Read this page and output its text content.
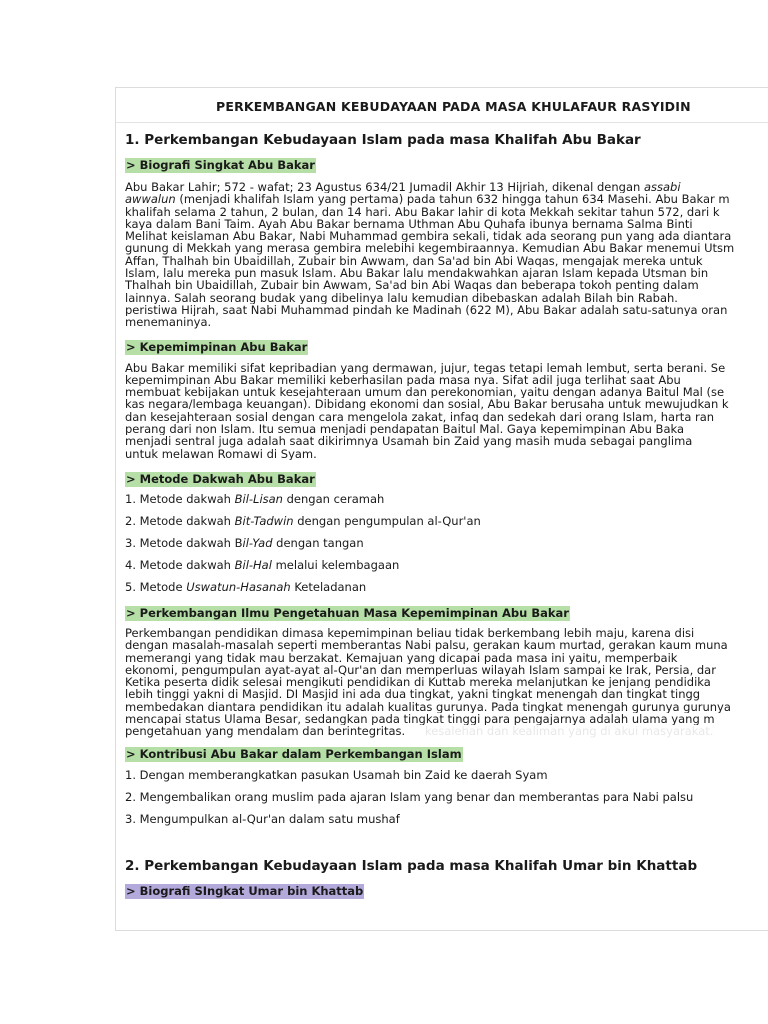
PERKEMBANGAN KEBUDAYAAN PADA MASA KHULAFAUR RASYIDIN
1. Perkembangan Kebudayaan Islam pada masa Khalifah Abu Bakar
> Biografi Singkat Abu Bakar
Abu Bakar Lahir; 572 - wafat; 23 Agustus 634/21 Jumadil Akhir 13 Hijriah, dikenal dengan assabi
awwalun (menjadi khalifah Islam yang pertama) pada tahun 632 hingga tahun 634 Masehi. Abu Bakar m
khalifah selama 2 tahun, 2 bulan, dan 14 hari. Abu Bakar lahir di kota Mekkah sekitar tahun 572, dari k
kaya dalam Bani Taim. Ayah Abu Bakar bernama Uthman Abu Quhafa ibunya bernama Salma Binti
Melihat keislaman Abu Bakar, Nabi Muhammad gembira sekali, tidak ada seorang pun yang ada diantara
gunung di Mekkah yang merasa gembira melebihi kegembiraannya. Kemudian Abu Bakar menemui Utsm
Affan, Thalhah bin Ubaidillah, Zubair bin Awwam, dan Sa'ad bin Abi Waqas, mengajak mereka untuk
Islam, lalu mereka pun masuk Islam. Abu Bakar lalu mendakwahkan ajaran Islam kepada Utsman bin
Thalhah bin Ubaidillah, Zubair bin Awwam, Sa'ad bin Abi Waqas dan beberapa tokoh penting dalam
lainnya. Salah seorang budak yang dibelinya lalu kemudian dibebaskan adalah Bilah bin Rabah.
peristiwa Hijrah, saat Nabi Muhammad pindah ke Madinah (622 M), Abu Bakar adalah satu-satunya oran
menemaninya.
> Kepemimpinan Abu Bakar
Abu Bakar memiliki sifat kepribadian yang dermawan, jujur, tegas tetapi lemah lembut, serta berani. Se
kepemimpinan Abu Bakar memiliki keberhasilan pada masa nya. Sifat adil juga terlihat saat Abu
membuat kebijakan untuk kesejahteraan umum dan perekonomian, yaitu dengan adanya Baitul Mal (se
kas negara/lembaga keuangan). Dibidang ekonomi dan sosial, Abu Bakar berusaha untuk mewujudkan k
dan kesejahteraan sosial dengan cara mengelola zakat, infaq dan sedekah dari orang Islam, harta ran
perang dari non Islam. Itu semua menjadi pendapatan Baitul Mal. Gaya kepemimpinan Abu Baka
menjadi sentral juga adalah saat dikirimnya Usamah bin Zaid yang masih muda sebagai panglima
untuk melawan Romawi di Syam.
> Metode Dakwah Abu Bakar
1. Metode dakwah Bil-Lisan dengan ceramah
2. Metode dakwah Bit-Tadwin dengan pengumpulan al-Qur'an
3. Metode dakwah Bil-Yad dengan tangan
4. Metode dakwah Bil-Hal melalui kelembagaan
5. Metode Uswatun-Hasanah Keteladanan
> Perkembangan Ilmu Pengetahuan Masa Kepemimpinan Abu Bakar
Perkembangan pendidikan dimasa kepemimpinan beliau tidak berkembang lebih maju, karena disi
dengan masalah-masalah seperti memberantas Nabi palsu, gerakan kaum murtad, gerakan kaum muna
memerangi yang tidak mau berzakat. Kemajuan yang dicapai pada masa ini yaitu, memperbaik
ekonomi, pengumpulan ayat-ayat al-Qur'an dan memperluas wilayah Islam sampai ke Irak, Persia, dar
Ketika peserta didik selesai mengikuti pendidikan di Kuttab mereka melanjutkan ke jenjang pendidika
lebih tinggi yakni di Masjid. DI Masjid ini ada dua tingkat, yakni tingkat menengah dan tingkat tingg
membedakan diantara pendidikan itu adalah kualitas gurunya. Pada tingkat menengah gurunya gurunya
mencapai status Ulama Besar, sedangkan pada tingkat tinggi para pengajarnya adalah ulama yang m
pengetahuan yang mendalam dan berintegritas. kesalehan dan kealiman yang di akui masyarakat.
> Kontribusi Abu Bakar dalam Perkembangan Islam
1. Dengan memberangkatkan pasukan Usamah bin Zaid ke daerah Syam
2. Mengembalikan orang muslim pada ajaran Islam yang benar dan memberantas para Nabi palsu
3. Mengumpulkan al-Qur'an dalam satu mushaf
2. Perkembangan Kebudayaan Islam pada masa Khalifah Umar bin Khattab
> Biografi SIngkat Umar bin Khattab
